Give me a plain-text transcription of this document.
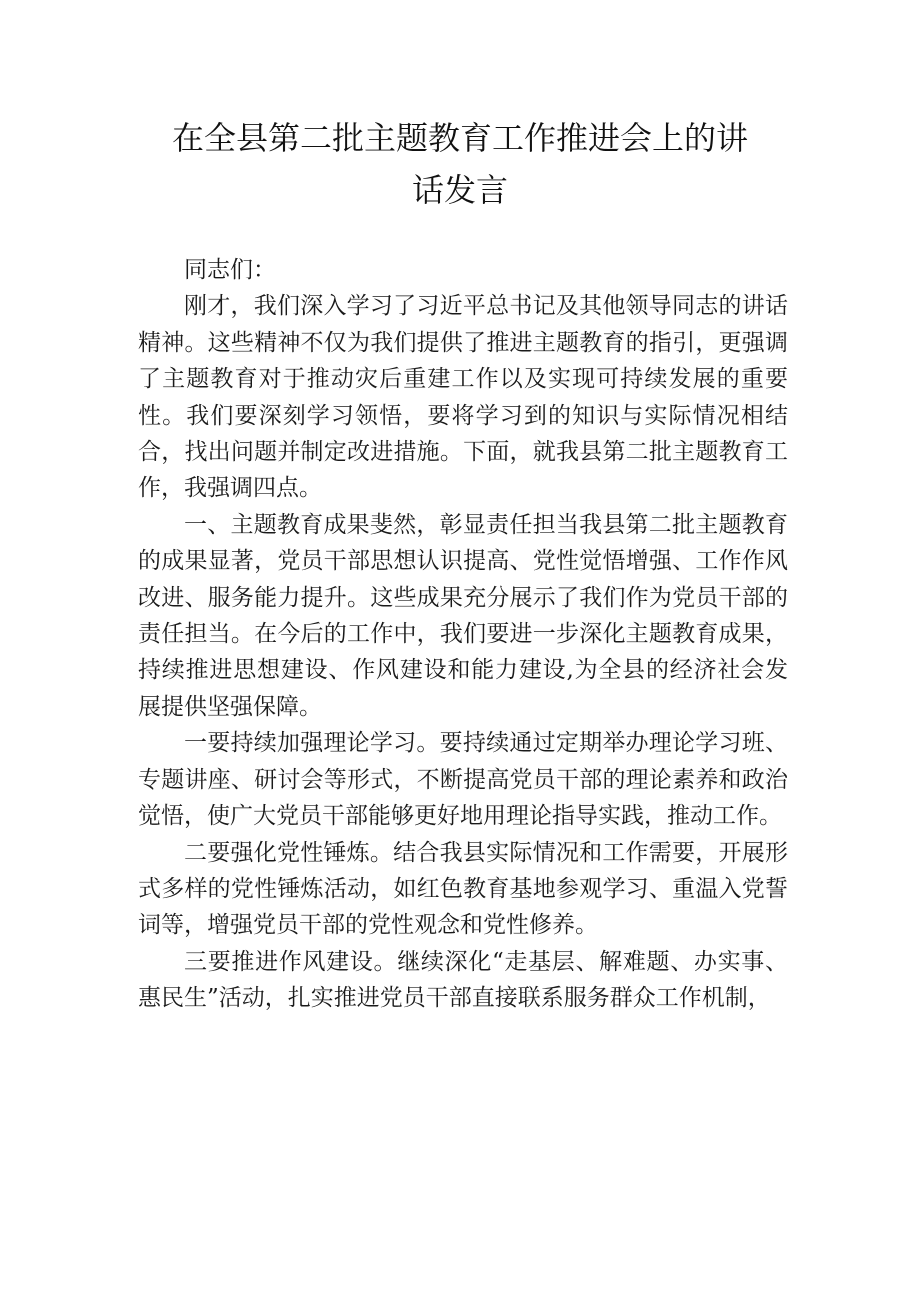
在全县第二批主题教育工作推进会上的讲
话发言

同志们：

刚才，我们深入学习了习近平总书记及其他领导同志的讲话精神。这些精神不仅为我们提供了推进主题教育的指引，更强调了主题教育对于推动灾后重建工作以及实现可持续发展的重要性。我们要深刻学习领悟，要将学习到的知识与实际情况相结合，找出问题并制定改进措施。下面，就我县第二批主题教育工作，我强调四点。

一、主题教育成果斐然，彰显责任担当我县第二批主题教育的成果显著，党员干部思想认识提高、党性觉悟增强、工作作风改进、服务能力提升。这些成果充分展示了我们作为党员干部的责任担当。在今后的工作中，我们要进一步深化主题教育成果，持续推进思想建设、作风建设和能力建设,为全县的经济社会发展提供坚强保障。

一要持续加强理论学习。要持续通过定期举办理论学习班、专题讲座、研讨会等形式，不断提高党员干部的理论素养和政治觉悟，使广大党员干部能够更好地用理论指导实践，推动工作。

二要强化党性锤炼。结合我县实际情况和工作需要，开展形式多样的党性锤炼活动，如红色教育基地参观学习、重温入党誓词等，增强党员干部的党性观念和党性修养。

三要推进作风建设。继续深化“走基层、解难题、办实事、惠民生”活动，扎实推进党员干部直接联系服务群众工作机制，
